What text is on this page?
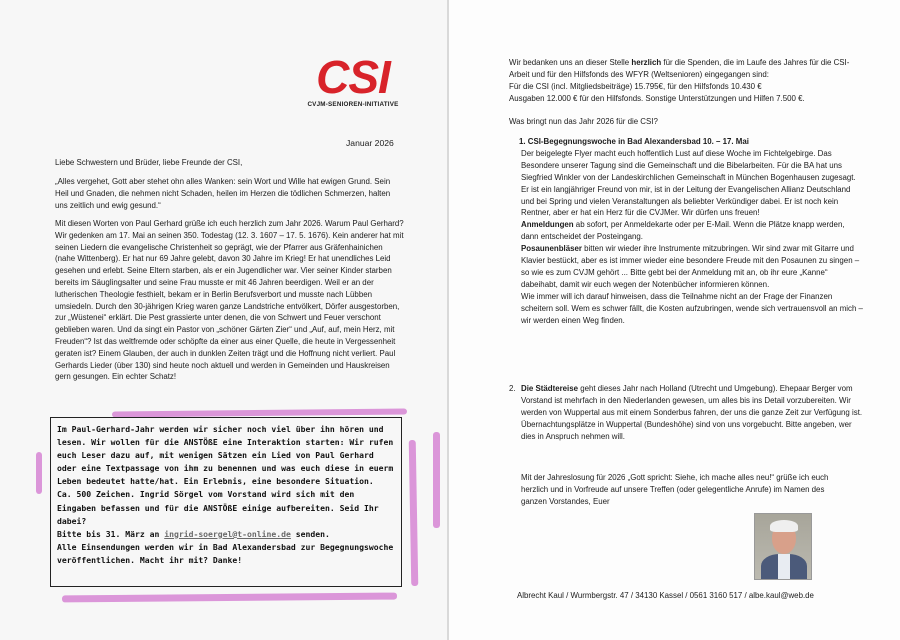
CSI
CVJM-SENIOREN-INITIATIVE
Januar 2026
Liebe Schwestern und Brüder, liebe Freunde der CSI,
„Alles vergehet, Gott aber stehet ohn alles Wanken: sein Wort und Wille hat ewigen Grund. Sein Heil und Gnaden, die nehmen nicht Schaden, heilen im Herzen die tödlichen Schmerzen, halten uns zeitlich und ewig gesund.“
Mit diesen Worten von Paul Gerhard grüße ich euch herzlich zum Jahr 2026. Warum Paul Gerhard? Wir gedenken am 17. Mai an seinen 350. Todestag (12. 3. 1607 – 17. 5. 1676). Kein anderer hat mit seinen Liedern die evangelische Christenheit so geprägt, wie der Pfarrer aus Gräfenhainichen (nahe Wittenberg). Er hat nur 69 Jahre gelebt, davon 30 Jahre im Krieg! Er hat unendliches Leid gesehen und erlebt. Seine Eltern starben, als er ein Jugendlicher war. Vier seiner Kinder starben bereits im Säuglingsalter und seine Frau musste er mit 46 Jahren beerdigen. Weil er an der lutherischen Theologie festhielt, bekam er in Berlin Berufsverbort und musste nach Lübben umsiedeln. Durch den 30-jährigen Krieg waren ganze Landstriche entvölkert, Dörfer ausgestorben, zur „Wüstenei“ erklärt. Die Pest grassierte unter denen, die von Schwert und Feuer verschont geblieben waren. Und da singt ein Pastor von „schöner Gärten Zier“ und „Auf, auf, mein Herz, mit Freuden“? Ist das weltfremde oder schöpfte da einer aus einer Quelle, die heute in Vergessenheit geraten ist? Einem Glauben, der auch in dunklen Zeiten trägt und die Hoffnung nicht verliert. Paul Gerhards Lieder (über 130) sind heute noch aktuell und werden in Gemeinden und Hauskreisen gern gesungen. Ein echter Schatz!

Im Paul-Gerhard-Jahr werden wir sicher noch viel über ihn hören und lesen. Wir wollen für die ANSTÖßE eine Interaktion starten: Wir rufen euch Leser dazu auf, mit wenigen Sätzen ein Lied von Paul Gerhard oder eine Textpassage von ihm zu benennen und was euch diese in euerm Leben bedeutet hatte/hat. Ein Erlebnis, eine besondere Situation.

Ca. 500 Zeichen. Ingrid Sörgel vom Vorstand wird sich mit den Eingaben befassen und für die ANSTÖßE einige aufbereiten. Seid Ihr dabei?

Bitte bis 31. März an ingrid-soergel@t-online.de senden.

Alle Einsendungen werden wir in Bad Alexandersbad zur Begegnungswoche veröffentlichen. Macht ihr mit? Danke!

Wir bedanken uns an dieser Stelle herzlich für die Spenden, die im Laufe des Jahres für die CSI-Arbeit und für den Hilfsfonds des WFYR (Weltsenioren) eingegangen sind:
Für die CSI (incl. Mitgliedsbeiträge) 15.795€, für den Hilfsfonds 10.430 €
Ausgaben 12.000 € für den Hilfsfonds. Sonstige Unterstützungen und Hilfen 7.500 €.
Was bringt nun das Jahr 2026 für die CSI?
1. CSI-Begegnungswoche in Bad Alexandersbad 10. – 17. Mai
Der beigelegte Flyer macht euch hoffentlich Lust auf diese Woche im Fichtelgebirge. Das Besondere unserer Tagung sind die Gemeinschaft und die Bibelarbeiten. Für die BA hat uns Siegfried Winkler von der Landeskirchlichen Gemeinschaft in München Bogenhausen zugesagt. Er ist ein langjähriger Freund von mir, ist in der Leitung der Evangelischen Allianz Deutschland und bei Spring und vielen Veranstaltungen als beliebter Verkündiger dabei. Er ist noch kein Rentner, aber er hat ein Herz für die CVJMer. Wir dürfen uns freuen!
Anmeldungen ab sofort, per Anmeldekarte oder per E-Mail. Wenn die Plätze knapp werden, dann entscheidet der Posteingang.
Posaunenbläser bitten wir wieder ihre Instrumente mitzubringen. Wir sind zwar mit Gitarre und Klavier bestückt, aber es ist immer wieder eine besondere Freude mit den Posaunen zu singen – so wie es zum CVJM gehört ... Bitte gebt bei der Anmeldung mit an, ob ihr eure „Kanne“ dabeihabt, damit wir euch wegen der Notenbücher informieren können.
Wie immer will ich darauf hinweisen, dass die Teilnahme nicht an der Frage der Finanzen scheitern soll. Wem es schwer fällt, die Kosten aufzubringen, wende sich vertrauensvoll an mich – wir werden einen Weg finden.
2. Die Städtereise geht dieses Jahr nach Holland (Utrecht und Umgebung). Ehepaar Berger vom Vorstand ist mehrfach in den Niederlanden gewesen, um alles bis ins Detail vorzubereiten. Wir werden von Wuppertal aus mit einem Sonderbus fahren, der uns die ganze Zeit zur Verfügung ist. Übernachtungsplätze in Wuppertal (Bundeshöhe) sind von uns vorgebucht. Bitte angeben, wer dies in Anspruch nehmen will.
Mit der Jahreslosung für 2026 „Gott spricht: Siehe, ich mache alles neu!“ grüße ich euch herzlich und in Vorfreude auf unsere Treffen (oder gelegentliche Anrufe) im Namen des ganzen Vorstandes, Euer
Albrecht Kaul / Wurmbergstr. 47 / 34130 Kassel / 0561 3160 517 / albe.kaul@web.de
